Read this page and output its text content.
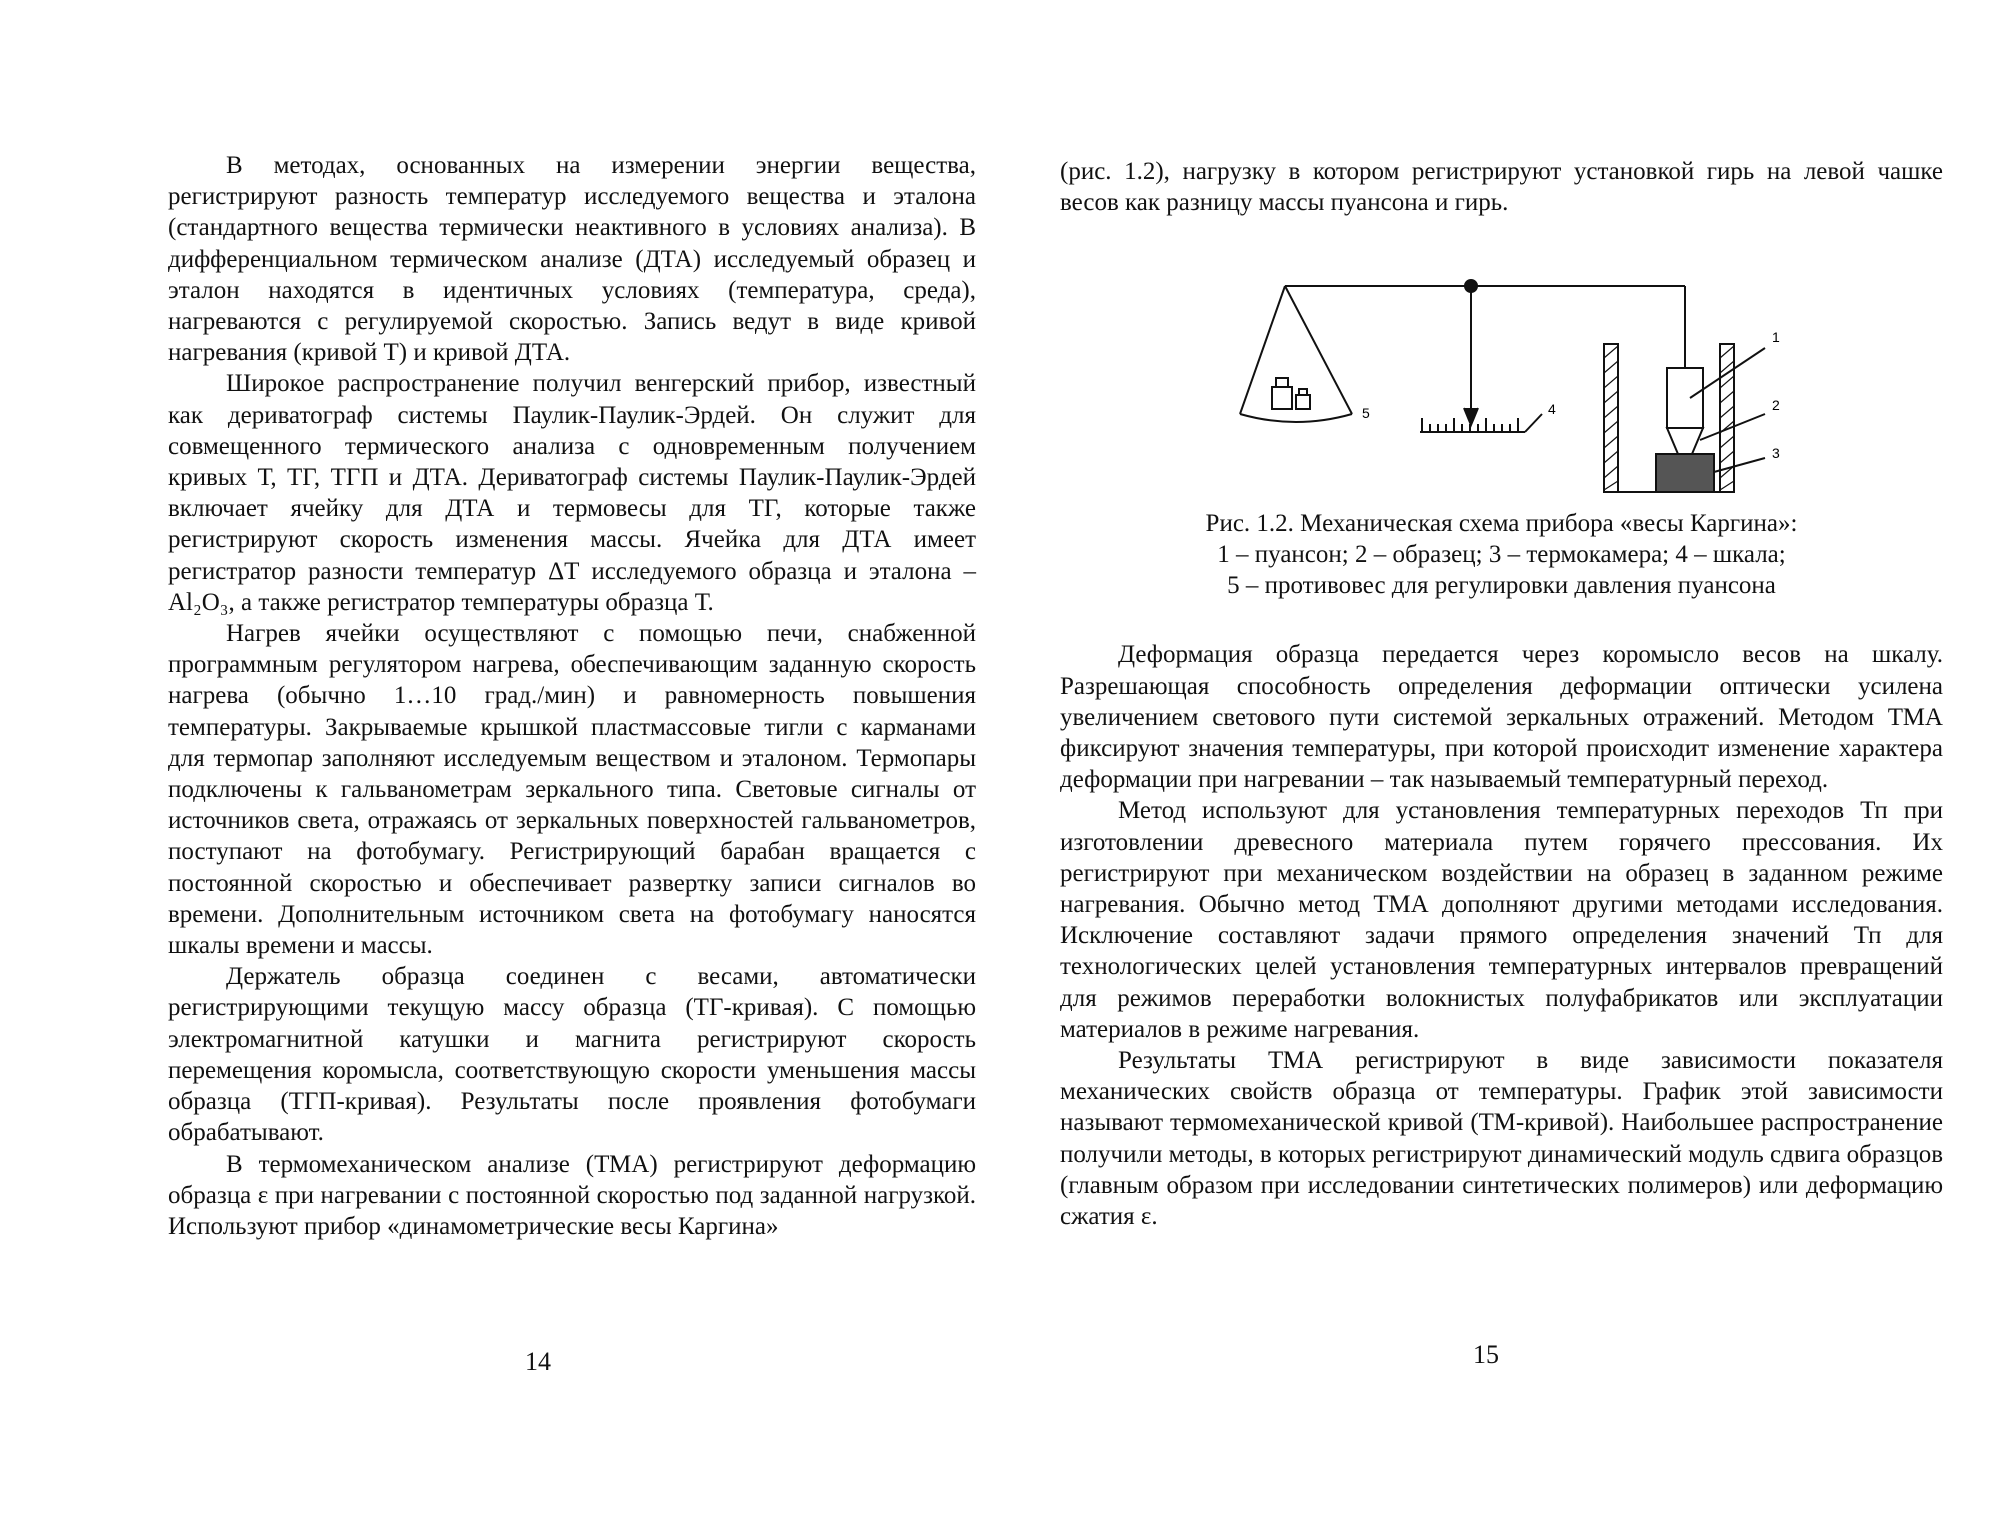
В методах, основанных на измерении энергии вещества, регистрируют разность температур исследуемого вещества и эталона (стандартного вещества термически неактивного в условиях анализа). В дифференциальном термическом анализе (ДТА) исследуемый образец и эталон находятся в идентичных условиях (температура, среда), нагреваются с регулируемой скоростью. Запись ведут в виде кривой нагревания (кривой Т) и кривой ДТА.

Широкое распространение получил венгерский прибор, известный как дериватограф системы Паулик-Паулик-Эрдей. Он служит для совмещенного термического анализа с одновременным получением кривых Т, ТГ, ТГП и ДТА. Дериватограф системы Паулик-Паулик-Эрдей включает ячейку для ДТА и термовесы для ТГ, которые также регистрируют скорость изменения массы. Ячейка для ДТА имеет регистратор разности температур ΔТ исследуемого образца и эталона – Al₂O₃, а также регистратор температуры образца Т.

Нагрев ячейки осуществляют с помощью печи, снабженной программным регулятором нагрева, обеспечивающим заданную скорость нагрева (обычно 1…10 град./мин) и равномерность повышения температуры. Закрываемые крышкой пластмассовые тигли с карманами для термопар заполняют исследуемым веществом и эталоном. Термопары подключены к гальванометрам зеркального типа. Световые сигналы от источников света, отражаясь от зеркальных поверхностей гальванометров, поступают на фотобумагу. Регистрирующий барабан вращается с постоянной скоростью и обеспечивает развертку записи сигналов во времени. Дополнительным источником света на фотобумагу наносятся шкалы времени и массы.

Держатель образца соединен с весами, автоматически регистрирующими текущую массу образца (ТГ-кривая). С помощью электромагнитной катушки и магнита регистрируют скорость перемещения коромысла, соответствующую скорости уменьшения массы образца (ТГП-кривая). Результаты после проявления фотобумаги обрабатывают.

В термомеханическом анализе (ТМА) регистрируют деформацию образца ε при нагревании с постоянной скоростью под заданной нагрузкой. Используют прибор «динамометрические весы Каргина»

14

(рис. 1.2), нагрузку в котором регистрируют установкой гирь на левой чашке весов как разницу массы пуансона и гирь.

1
2
3
4
5
Рис. 1.2. Механическая схема прибора «весы Каргина»:
1 – пуансон; 2 – образец; 3 – термокамера; 4 – шкала;
5 – противовес для регулировки давления пуансона

Деформация образца передается через коромысло весов на шкалу. Разрешающая способность определения деформации оптически усилена увеличением светового пути системой зеркальных отражений. Методом ТМА фиксируют значения температуры, при которой происходит изменение характера деформации при нагревании – так называемый температурный переход.

Метод используют для установления температурных переходов Тп при изготовлении древесного материала путем горячего прессования. Их регистрируют при механическом воздействии на образец в заданном режиме нагревания. Обычно метод ТМА дополняют другими методами исследования. Исключение составляют задачи прямого определения значений Тп для технологических целей установления температурных интервалов превращений для режимов переработки волокнистых полуфабрикатов или эксплуатации материалов в режиме нагревания.

Результаты ТМА регистрируют в виде зависимости показателя механических свойств образца от температуры. График этой зависимости называют термомеханической кривой (ТМ-кривой). Наибольшее распространение получили методы, в которых регистрируют динамический модуль сдвига образцов (главным образом при исследовании синтетических полимеров) или деформацию сжатия ε.

15
